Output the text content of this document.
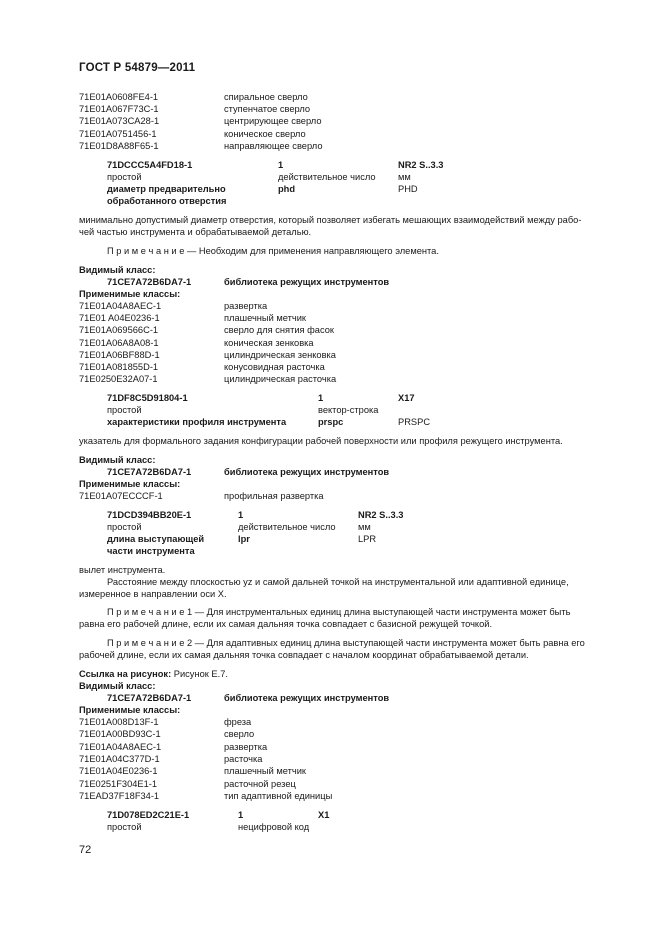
ГОСТ Р 54879—2011
71E01A0608FE4-1	спиральное сверло
71E01A067F73C-1	ступенчатое сверло
71E01A073CA28-1	центрирующее сверло
71E01A0751456-1	коническое сверло
71E01D8A88F65-1	направляющее сверло
71DCCC5A4FD18-1	1	NR2 S..3.3
простой	действительное число мм
диаметр предварительно	phd	PHD
обработанного отверстия
минимально допустимый диаметр отверстия, который позволяет избегать мешающих взаимодействий между рабо-
чей частью инструмента и обрабатываемой деталью.
П р и м е ч а н и е — Необходим для применения направляющего элемента.
Видимый класс:
71CE7A72B6DA7-1	библиотека режущих инструментов
Применимые классы:
71E01A04A8AEC-1	развертка
71E01 A04E0236-1	плашечный метчик
71E01A069566C-1	сверло для снятия фасок
71E01A06A8A08-1	коническая зенковка
71E01A06BF88D-1	цилиндрическая зенковка
71E01A081855D-1	конусовидная расточка
71E0250E32A07-1	цилиндрическая расточка
71DF8C5D91804-1	1	X17
простой	вектор-строка
характеристики профиля инструмента	prspc	PRSPC
указатель для формального задания конфигурации рабочей поверхности или профиля режущего инструмента.
Видимый класс:
71CE7A72B6DA7-1	библиотека режущих инструментов
Применимые классы:
71E01A07ECCCF-1	профильная развертка
71DCD394BB20E-1	1	NR2 S..3.3
простой	действительное число мм
длина выступающей	lpr	LPR
части инструмента
вылет инструмента.
Расстояние между плоскостью yz и самой дальней точкой на инструментальной или адаптивной единице,
измеренное в направлении оси X.
П р и м е ч а н и е 1 — Для инструментальных единиц длина выступающей части инструмента может быть
равна его рабочей длине, если их самая дальняя точка совпадает с базисной режущей точкой.
П р и м е ч а н и е 2 — Для адаптивных единиц длина выступающей части инструмента может быть равна его
рабочей длине, если их самая дальняя точка совпадает с началом координат обрабатываемой детали.
Ссылка на рисунок: Рисунок Е.7.
Видимый класс:
71CE7A72B6DA7-1	библиотека режущих инструментов
Применимые классы:
71E01A008D13F-1	фреза
71E01A00BD93C-1	сверло
71E01A04A8AEC-1	развертка
71E01A04C377D-1	расточка
71E01A04E0236-1	плашечный метчик
71E0251F304E1-1	расточной резец
71EAD37F18F34-1	тип адаптивной единицы
71D078ED2C21E-1	1	X1
простой	нецифровой код
72
